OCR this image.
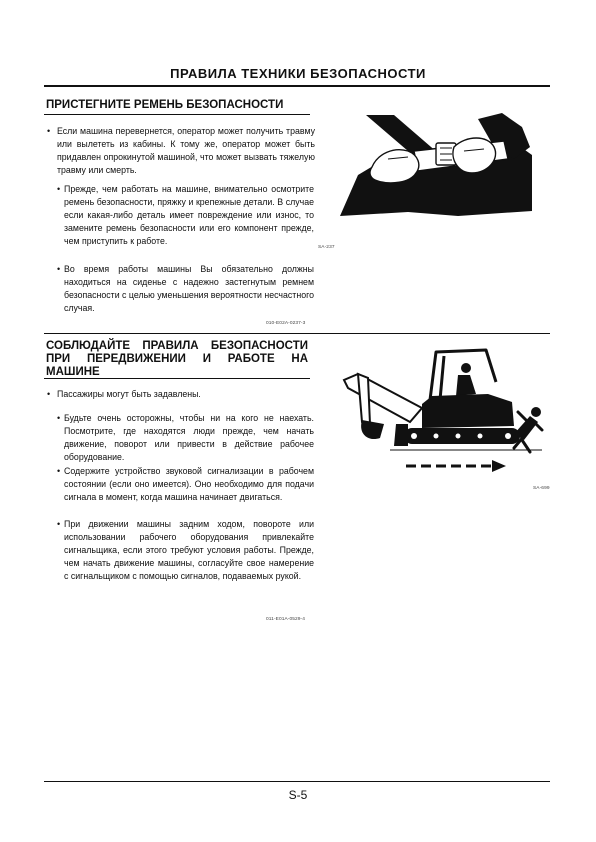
ПРАВИЛА ТЕХНИКИ БЕЗОПАСНОСТИ
ПРИСТЕГНИТЕ РЕМЕНЬ БЕЗОПАСНОСТИ

• Если машина перевернется, оператор может получить травму или вылететь из кабины. К тому же, оператор может быть придавлен опрокинутой машиной, что может вызвать тяжелую травму или смерть.

• Прежде, чем работать на машине, внимательно осмотрите ремень безопасности, пряжку и крепежные детали. В случае если какая-либо деталь имеет повреждение или износ, то замените ремень безопасности или его компонент прежде, чем приступить к работе.

• Во время работы машины Вы обязательно должны находиться на сиденье с надежно застегнутым ремнем безопасности с целью уменьшения вероятности несчастного случая.

010-E02A-0237-3
SA-237
СОБЛЮДАЙТЕ ПРАВИЛА БЕЗОПАСНОСТИ ПРИ ПЕРЕДВИЖЕНИИ И РАБОТЕ НА МАШИНЕ

• Пассажиры могут быть задавлены.

• Будьте очень осторожны, чтобы ни на кого не наехать. Посмотрите, где находятся люди прежде, чем начать движение, поворот или привести в действие рабочее оборудование.

• Содержите устройство звуковой сигнализации в рабочем состоянии (если оно имеется). Оно необходимо для подачи сигнала в момент, когда машина начинает двигаться.

• При движении машины задним ходом, повороте или использовании рабочего оборудования привлекайте сигнальщика, если этого требуют условия работы. Прежде, чем начать движение машины, согласуйте свое намерение с сигнальщиком с помощью сигналов, подаваемых рукой.

011-E01A-0529-4
SA-699
S-5
